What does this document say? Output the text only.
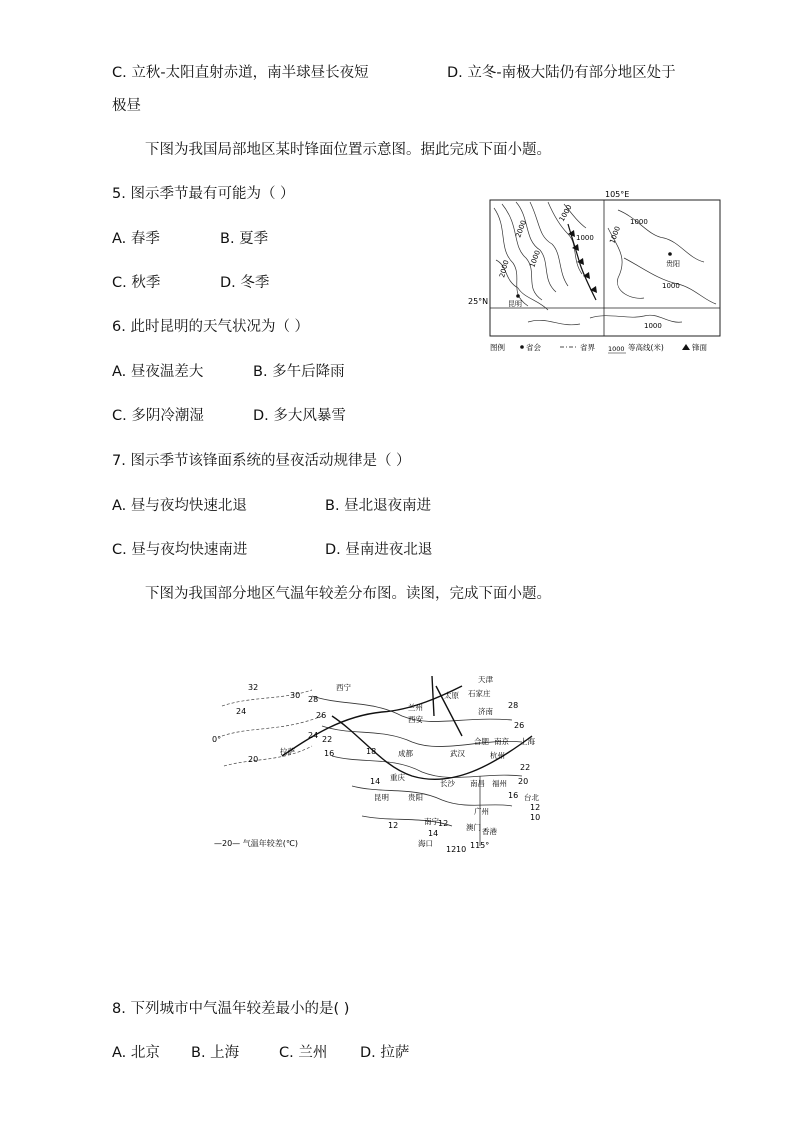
C. 立秋-太阳直射赤道，南半球昼长夜短	D. 立冬-南极大陆仍有部分地区处于
极昼
下图为我国局部地区某时锋面位置示意图。据此完成下面小题。
5. 图示季节最有可能为（ ）
A. 春季	B. 夏季
C. 秋季	D. 冬季
6. 此时昆明的天气状况为（ ）
A. 昼夜温差大	B. 多午后降雨
C. 多阴冷潮湿	D. 多大风暴雪
7. 图示季节该锋面系统的昼夜活动规律是（ ）
A. 昼与夜均快速北退	B. 昼北退夜南进
C. 昼与夜均快速南进	D. 昼南进夜北退
下图为我国部分地区气温年较差分布图。读图，完成下面小题。
8. 下列城市中气温年较差最小的是( )
A. 北京 B. 上海	C. 兰州 D. 拉萨
105°E
25°N
1000
2000
2000
1000
1000 1000
1000
1000
1000
贵阳
昆明
图例	省会	省界 1000 等高线(米)	锋面
32
30 28
24	26
0°
20
22
24
16	18
14
12
10
28
26
22
20
16
14
12
12
10
12
西宁
兰州
太原 石家庄
济南
西安
天津
拉萨	成都
合肥 南京 上海
武汉	杭州
重庆
长沙 南昌 福州
贵阳
昆明	台北
南宁
广州
香港
澳门
海口	115°
—20— 气温年较差(℃)
